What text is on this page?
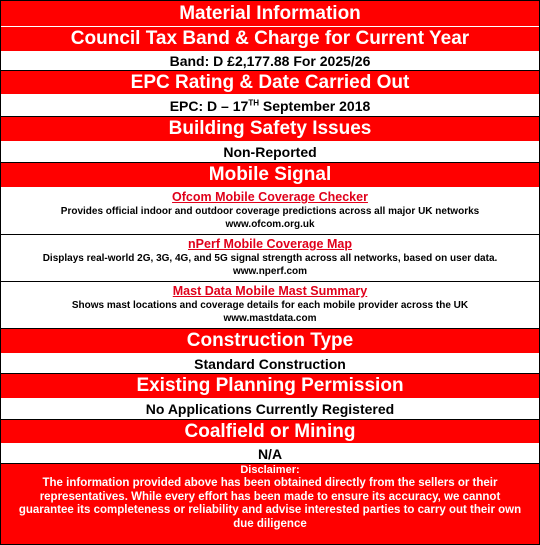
Material Information
Council Tax Band & Charge for Current Year
Band: D £2,177.88 For 2025/26
EPC Rating & Date Carried Out
EPC: D – 17TH September 2018
Building Safety Issues
Non-Reported
Mobile Signal
Ofcom Mobile Coverage Checker
Provides official indoor and outdoor coverage predictions across all major UK networks
www.ofcom.org.uk
nPerf Mobile Coverage Map
Displays real-world 2G, 3G, 4G, and 5G signal strength across all networks, based on user data.
www.nperf.com
Mast Data Mobile Mast Summary
Shows mast locations and coverage details for each mobile provider across the UK
www.mastdata.com
Construction Type
Standard Construction
Existing Planning Permission
No Applications Currently Registered
Coalfield or Mining
N/A
Disclaimer:
The information provided above has been obtained directly from the sellers or their representatives. While every effort has been made to ensure its accuracy, we cannot guarantee its completeness or reliability and advise interested parties to carry out their own due diligence
